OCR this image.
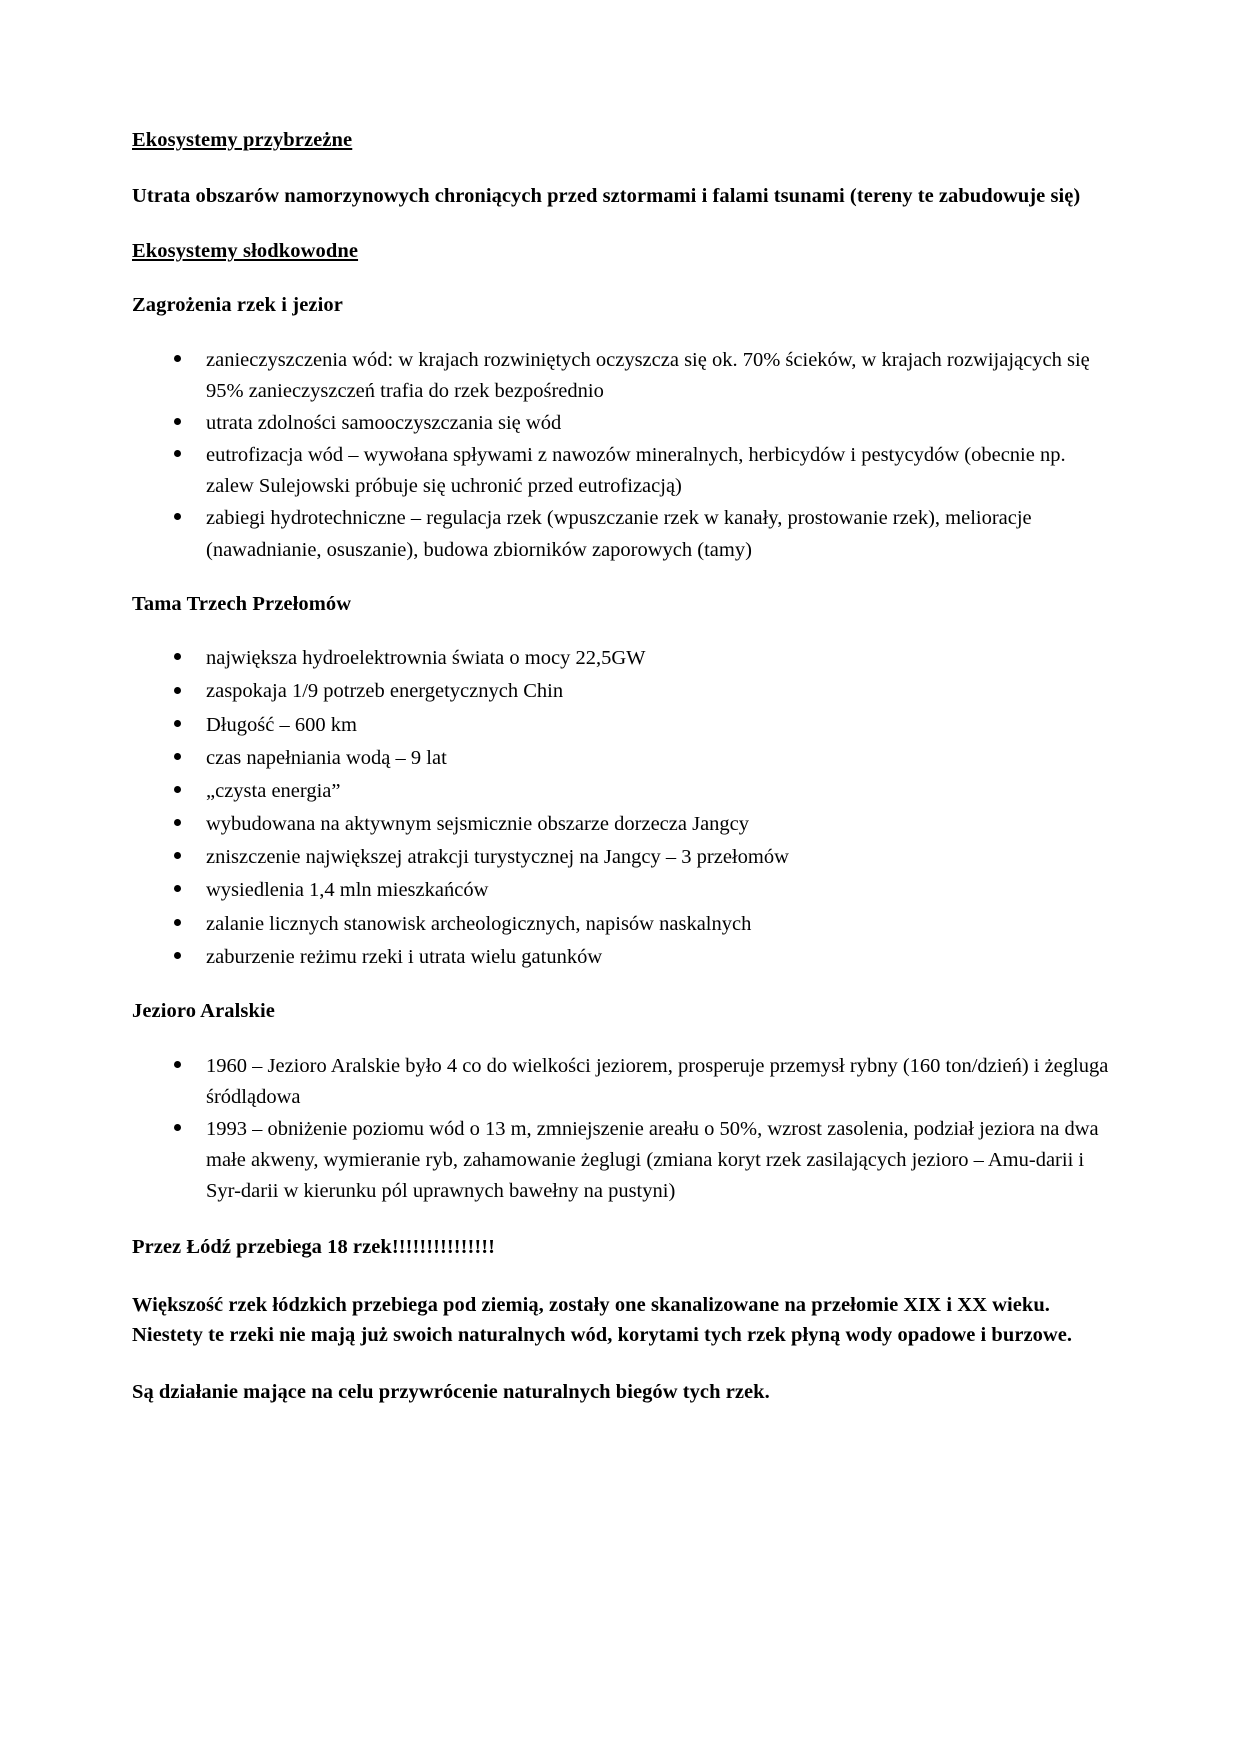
Ekosystemy przybrzeżne

Utrata obszarów namorzynowych chroniących przed sztormami i falami tsunami (tereny te zabudowuje się)

Ekosystemy słodkowodne
Zagrożenia rzek i jezior
zanieczyszczenia wód: w krajach rozwiniętych oczyszcza się ok. 70% ścieków, w krajach rozwijających się 95% zanieczyszczeń trafia do rzek bezpośrednio
utrata zdolności samooczyszczania się wód
eutrofizacja wód – wywołana spływami z nawozów mineralnych, herbicydów i pestycydów (obecnie np. zalew Sulejowski próbuje się uchronić przed eutrofizacją)
zabiegi hydrotechniczne – regulacja rzek (wpuszczanie rzek w kanały, prostowanie rzek), melioracje (nawadnianie, osuszanie), budowa zbiorników zaporowych (tamy)
Tama Trzech Przełomów
największa hydroelektrownia świata o mocy 22,5GW
zaspokaja 1/9 potrzeb energetycznych Chin
Długość – 600 km
czas napełniania wodą – 9 lat
„czysta energia”
wybudowana na aktywnym sejsmicznie obszarze dorzecza Jangcy
zniszczenie największej atrakcji turystycznej na Jangcy – 3 przełomów
wysiedlenia 1,4 mln mieszkańców
zalanie licznych stanowisk archeologicznych, napisów naskalnych
zaburzenie reżimu rzeki i utrata wielu gatunków
Jezioro Aralskie
1960 – Jezioro Aralskie było 4 co do wielkości jeziorem, prosperuje przemysł rybny (160 ton/dzień) i żegluga śródlądowa
1993 – obniżenie poziomu wód o 13 m, zmniejszenie areału o 50%, wzrost zasolenia, podział jeziora na dwa małe akweny, wymieranie ryb, zahamowanie żeglugi (zmiana koryt rzek zasilających jezioro – Amu-darii i Syr-darii w kierunku pól uprawnych bawełny na pustyni)

Przez Łódź przebiega 18 rzek!!!!!!!!!!!!!!!

Większość rzek łódzkich przebiega pod ziemią, zostały one skanalizowane na przełomie XIX i XX wieku. Niestety te rzeki nie mają już swoich naturalnych wód, korytami tych rzek płyną wody opadowe i burzowe.

Są działanie mające na celu przywrócenie naturalnych biegów tych rzek.
